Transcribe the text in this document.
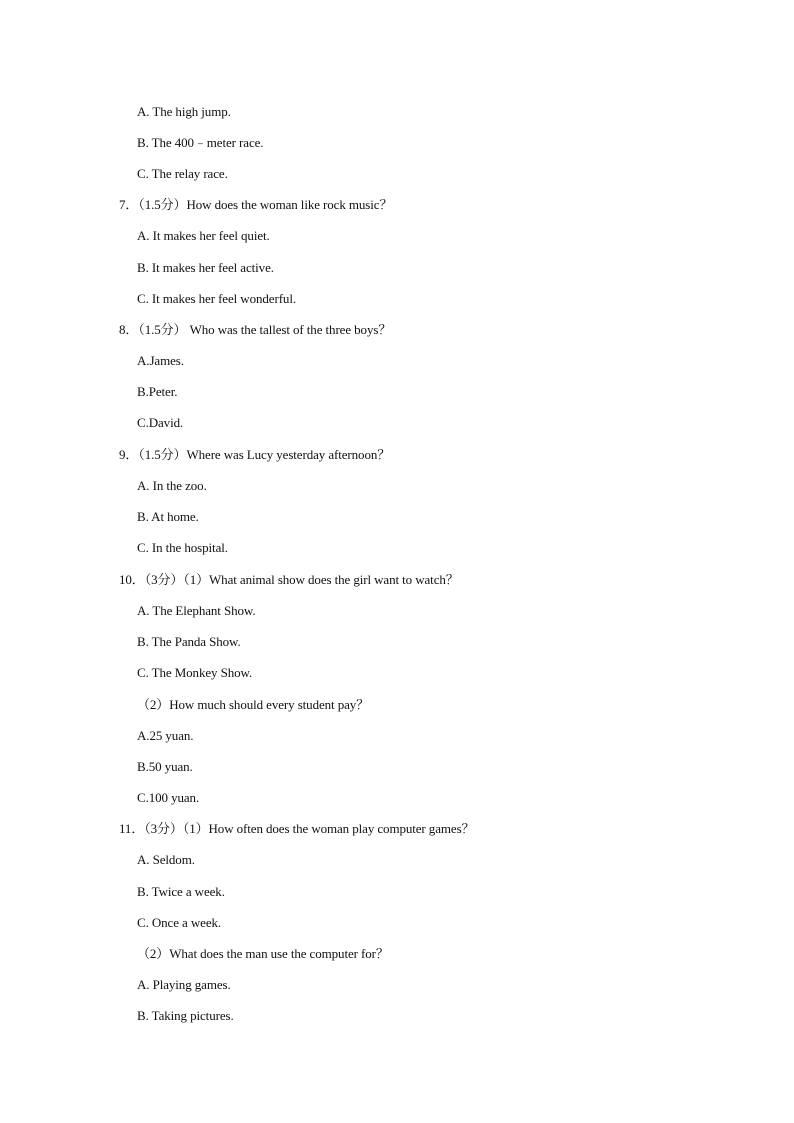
A. The high jump.
B. The 400﹣meter race.
C. The relay race.
7．（1.5分）How does the woman like rock music？
A. It makes her feel quiet.
B. It makes her feel active.
C. It makes her feel wonderful.
8．（1.5分） Who was the tallest of the three boys？
A.James.
B.Peter.
C.David.
9．（1.5分）Where was Lucy yesterday afternoon？
A. In the zoo.
B. At home.
C. In the hospital.
10．（3分）（1）What animal show does the girl want to watch？
A. The Elephant Show.
B. The Panda Show.
C. The Monkey Show.
（2）How much should every student pay？
A.25 yuan.
B.50 yuan.
C.100 yuan.
11．（3分）（1）How often does the woman play computer games？
A. Seldom.
B. Twice a week.
C. Once a week.
（2）What does the man use the computer for？
A. Playing games.
B. Taking pictures.
